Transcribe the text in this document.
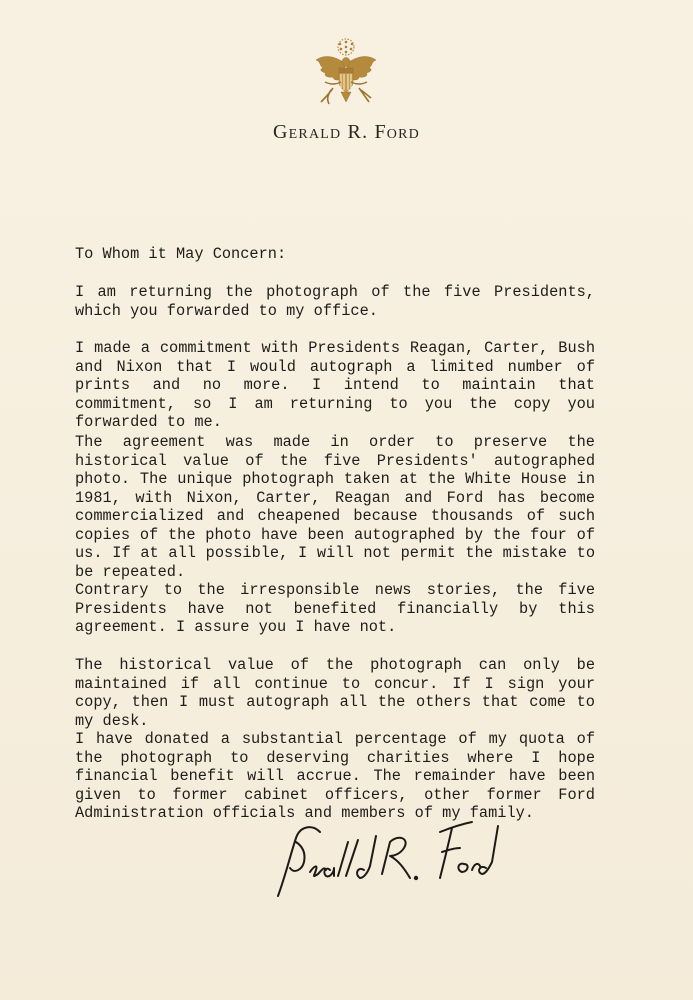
Gerald R. Ford
To Whom it May Concern:

I am returning the photograph of the five Presidents, which you forwarded to my office.

I made a commitment with Presidents Reagan, Carter, Bush and Nixon that I would autograph a limited number of prints and no more. I intend to maintain that commitment, so I am returning to you the copy you forwarded to me.

The agreement was made in order to preserve the historical value of the five Presidents' autographed photo. The unique photograph taken at the White House in 1981, with Nixon, Carter, Reagan and Ford has become commercialized and cheapened because thousands of such copies of the photo have been autographed by the four of us. If at all possible, I will not permit the mistake to be repeated.

Contrary to the irresponsible news stories, the five Presidents have not benefited financially by this agreement. I assure you I have not.

The historical value of the photograph can only be maintained if all continue to concur. If I sign your copy, then I must autograph all the others that come to my desk.

I have donated a substantial percentage of my quota of the photograph to deserving charities where I hope financial benefit will accrue. The remainder have been given to former cabinet officers, other former Ford Administration officials and members of my family.
